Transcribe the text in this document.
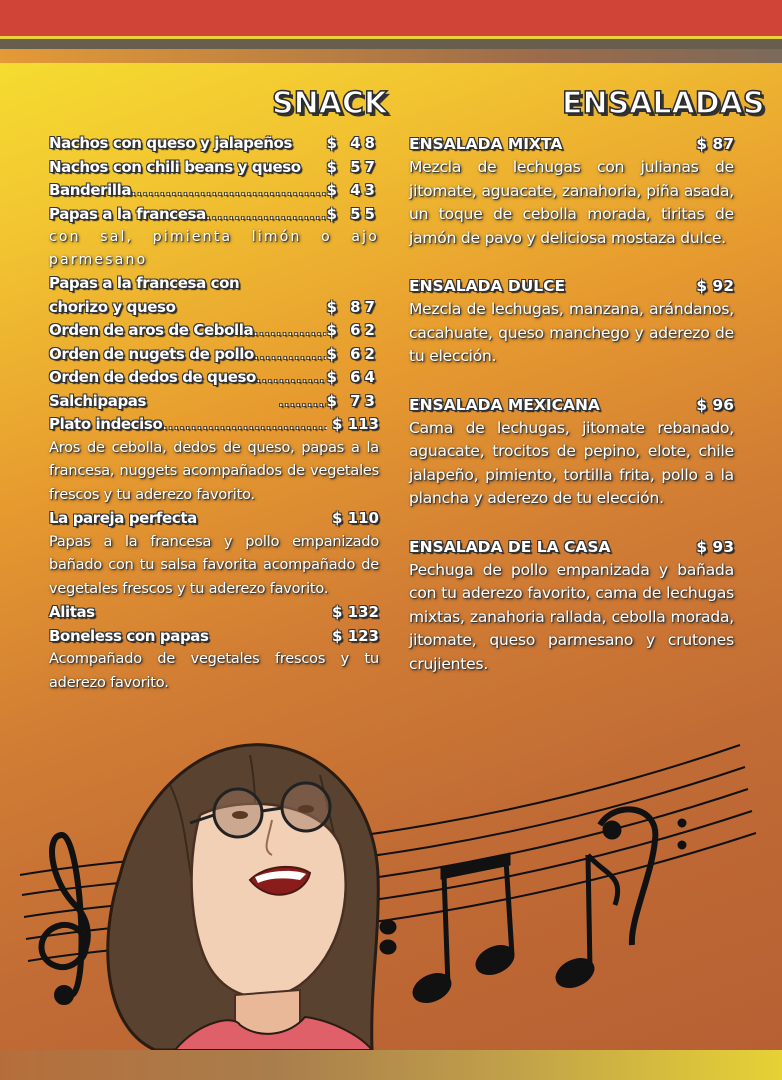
SNACK	ENSALADAS
Nachos con queso y jalapeños $ 48
Nachos con chili beans y queso $ 57
Banderilla .....	$ 43
Papas a la francesa .....	$ 55
con sal, pimienta limón o ajo parmesano
Papas a la francesa con
chorizo y queso	$ 87
Orden de aros de Cebolla .....	$ 62
Orden de nugets de pollo .....	$ 62
Orden de dedos de queso .....	$ 64
Salchipapas .....	$ 73
Plato indeciso .....	$ 113
Aros de cebolla, dedos de queso, papas a la francesa, nuggets acompañados de vegetales frescos y tu aderezo favorito.
La pareja perfecta	$ 110
Papas a la francesa y pollo empanizado bañado con tu salsa favorita acompañado de vegetales frescos y tu aderezo favorito.
Alitas	$ 132
Boneless con papas	$ 123
Acompañado de vegetales frescos y tu aderezo favorito.
ENSALADA MIXTA	$ 87
Mezcla de lechugas con julianas de jitomate, aguacate, zanahoria, piña asada, un toque de cebolla morada, tiritas de jamón de pavo y deliciosa mostaza dulce.
ENSALADA DULCE	$ 92
Mezcla de lechugas, manzana, arándanos, cacahuate, queso manchego y aderezo de tu elección.
ENSALADA MEXICANA	$ 96
Cama de lechugas, jitomate rebanado, aguacate, trocitos de pepino, elote, chile jalapeño, pimiento, tortilla frita, pollo a la plancha y aderezo de tu elección.
ENSALADA DE LA CASA	$ 93
Pechuga de pollo empanizada y bañada con tu aderezo favorito, cama de lechugas mixtas, zanahoria rallada, cebolla morada, jitomate, queso parmesano y crutones crujientes.
